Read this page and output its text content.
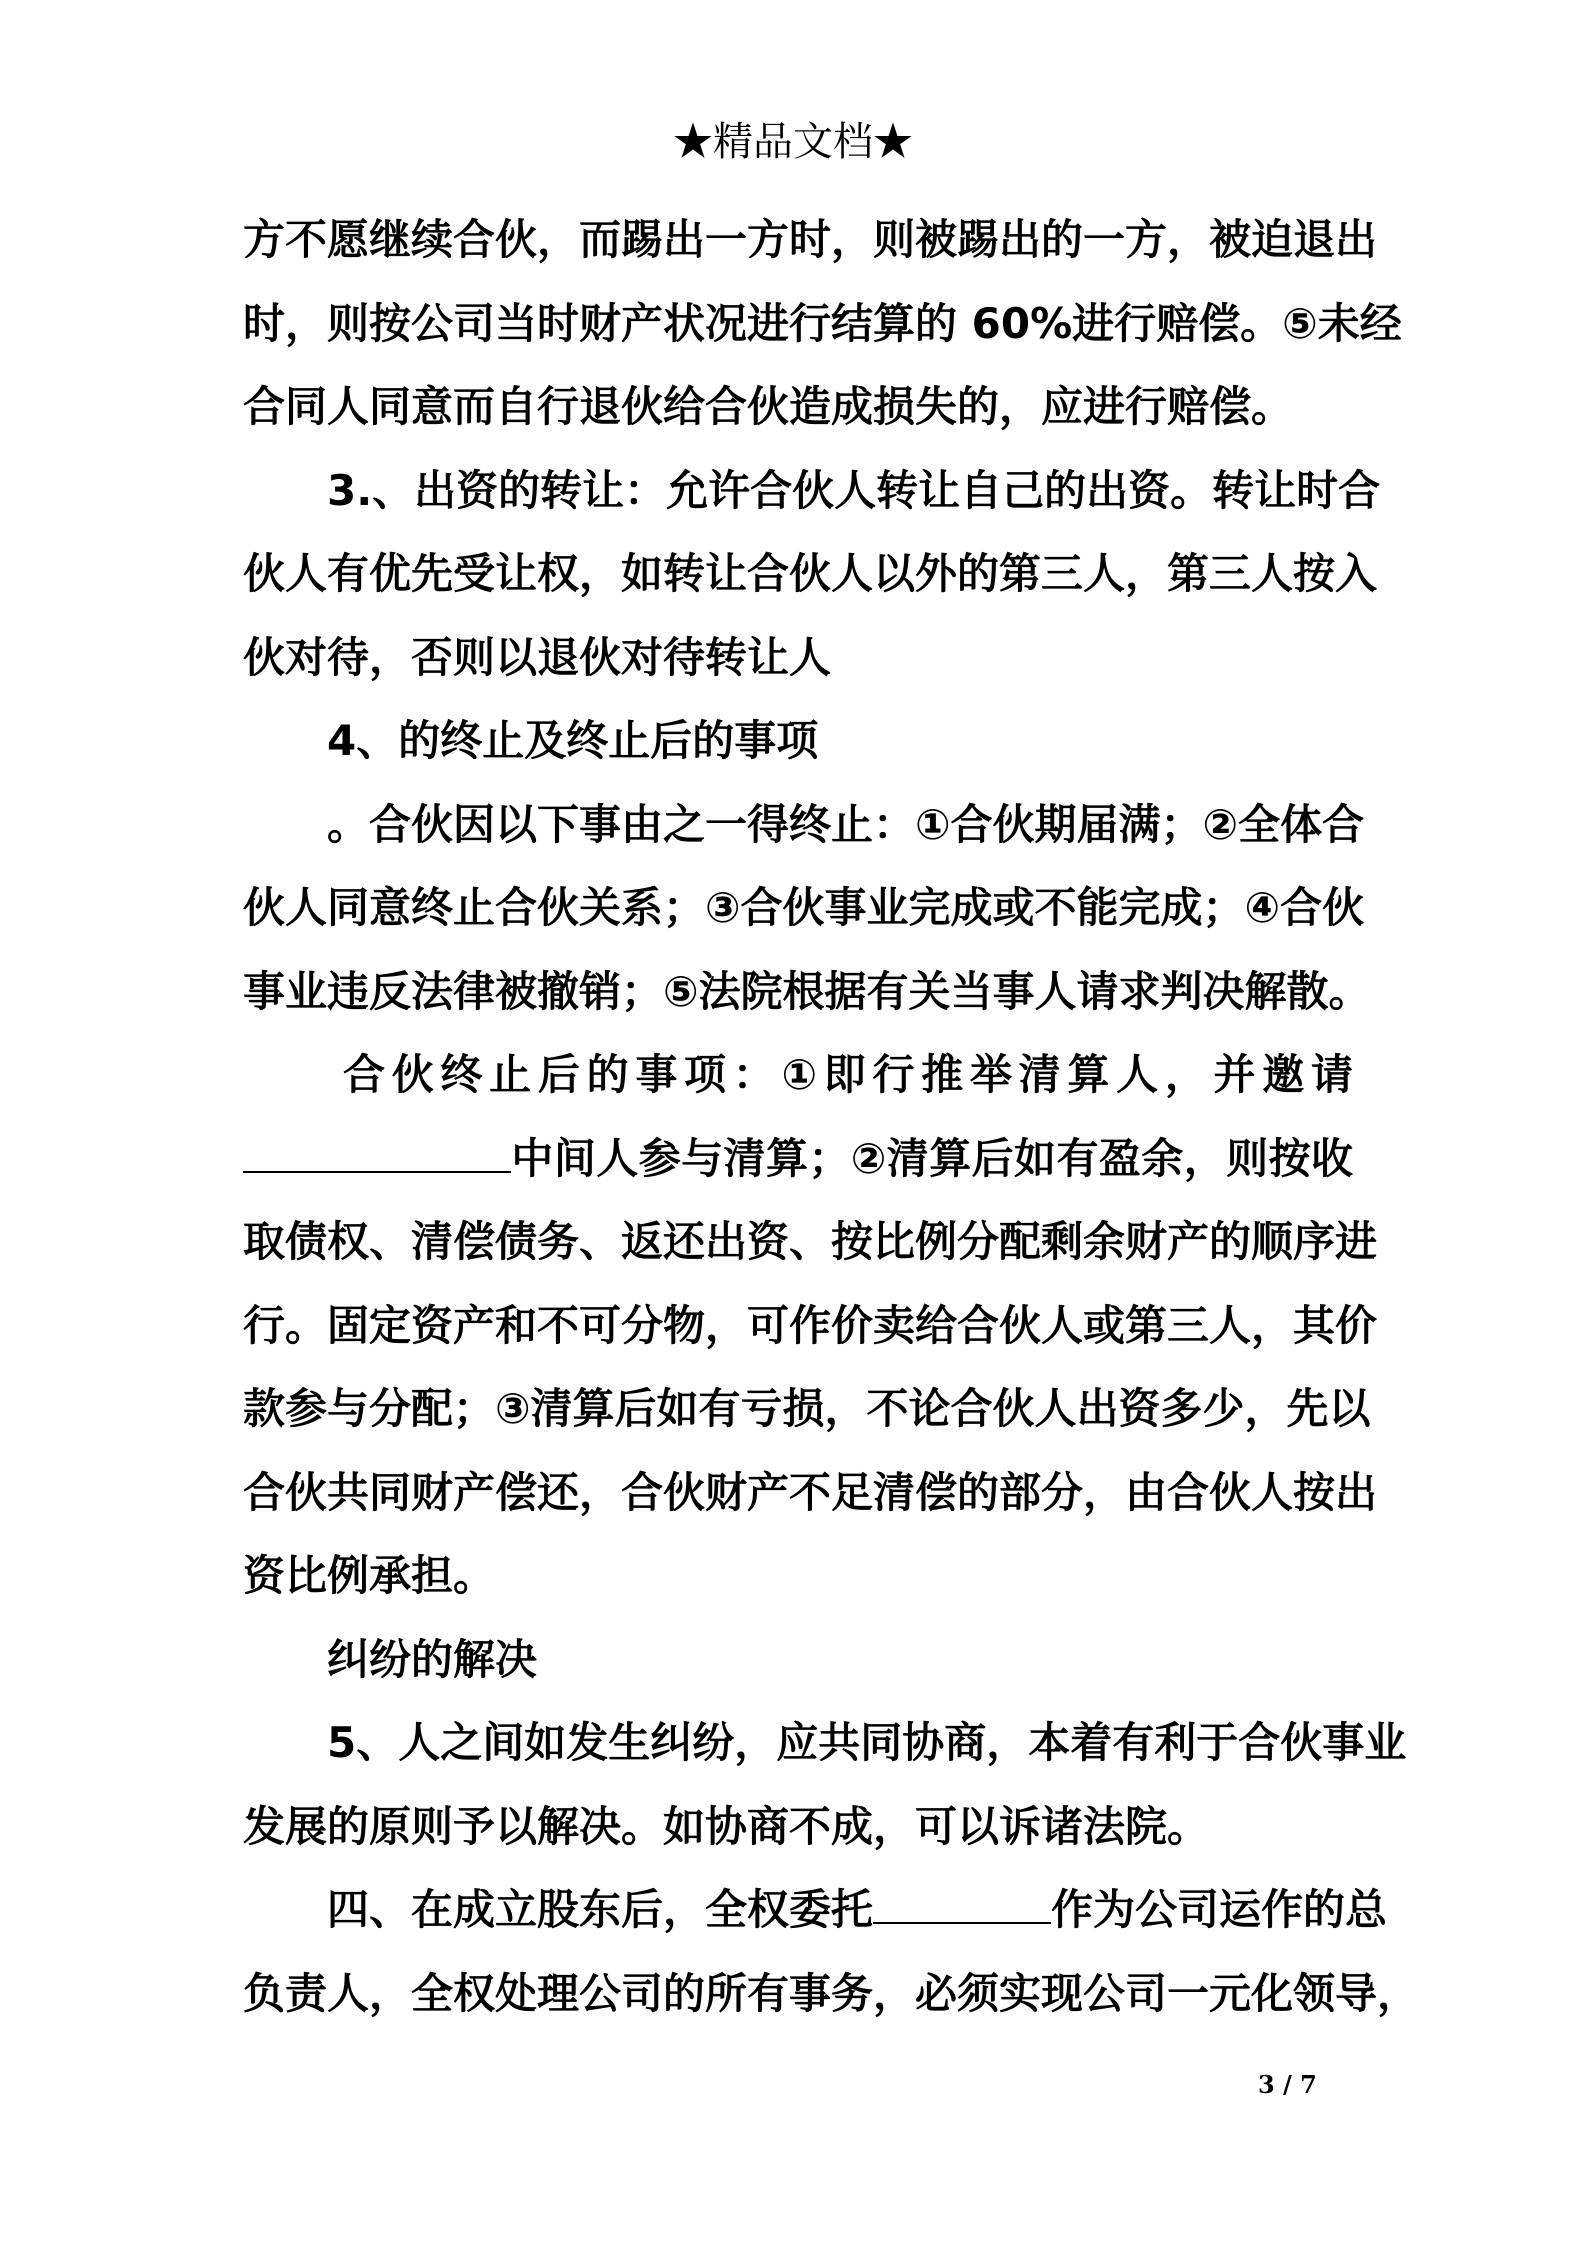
★精品文档★
方不愿继续合伙，而踢出一方时，则被踢出的一方，被迫退出
时，则按公司当时财产状况进行结算的 60%进行赔偿。⑤未经
合同人同意而自行退伙给合伙造成损失的，应进行赔偿。
3.、出资的转让：允许合伙人转让自己的出资。转让时合
伙人有优先受让权，如转让合伙人以外的第三人，第三人按入
伙对待，否则以退伙对待转让人
4、的终止及终止后的事项
。合伙因以下事由之一得终止：①合伙期届满；②全体合
伙人同意终止合伙关系；③合伙事业完成或不能完成；④合伙
事业违反法律被撤销；⑤法院根据有关当事人请求判决解散。
合伙终止后的事项：①即行推举清算人，并邀请
中间人参与清算；②清算后如有盈余，则按收
取债权、清偿债务、返还出资、按比例分配剩余财产的顺序进
行。固定资产和不可分物，可作价卖给合伙人或第三人，其价
款参与分配；③清算后如有亏损，不论合伙人出资多少，先以
合伙共同财产偿还，合伙财产不足清偿的部分，由合伙人按出
资比例承担。
纠纷的解决
5、人之间如发生纠纷，应共同协商，本着有利于合伙事业
发展的原则予以解决。如协商不成，可以诉诸法院。
四、在成立股东后，全权委托	作为公司运作的总
负责人，全权处理公司的所有事务，必须实现公司一元化领导，
3 / 7
